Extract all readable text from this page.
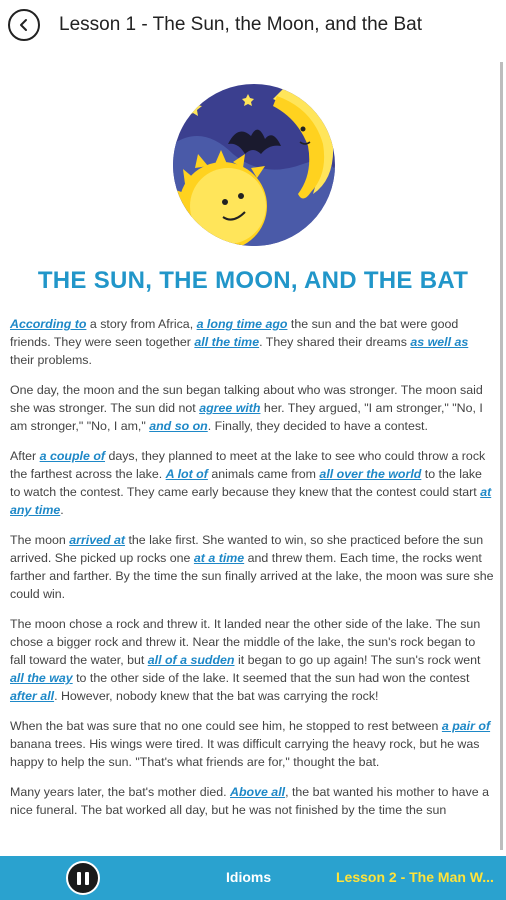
Lesson 1 - The Sun, the Moon, and the Bat
THE SUN, THE MOON, AND THE BAT

According to a story from Africa, a long time ago the sun and the bat were good friends. They were seen together all the time. They shared their dreams as well as their problems.

One day, the moon and the sun began talking about who was stronger. The moon said she was stronger. The sun did not agree with her. They argued, "I am stronger," "No, I am stronger," "No, I am," and so on. Finally, they decided to have a contest.

After a couple of days, they planned to meet at the lake to see who could throw a rock the farthest across the lake. A lot of animals came from all over the world to the lake to watch the contest. They came early because they knew that the contest could start at any time.

The moon arrived at the lake first. She wanted to win, so she practiced before the sun arrived. She picked up rocks one at a time and threw them. Each time, the rocks went farther and farther. By the time the sun finally arrived at the lake, the moon was sure she could win.

The moon chose a rock and threw it. It landed near the other side of the lake. The sun chose a bigger rock and threw it. Near the middle of the lake, the sun's rock began to fall toward the water, but all of a sudden it began to go up again! The sun's rock went all the way to the other side of the lake. It seemed that the sun had won the contest after all. However, nobody knew that the bat was carrying the rock!

When the bat was sure that no one could see him, he stopped to rest between a pair of banana trees. His wings were tired. It was difficult carrying the heavy rock, but he was happy to help the sun. "That's what friends are for," thought the bat.

Many years later, the bat's mother died. Above all, the bat wanted his mother to have a nice funeral. The bat worked all day, but he was not finished by the time the sun

Idioms	Lesson 2 - The Man W...
